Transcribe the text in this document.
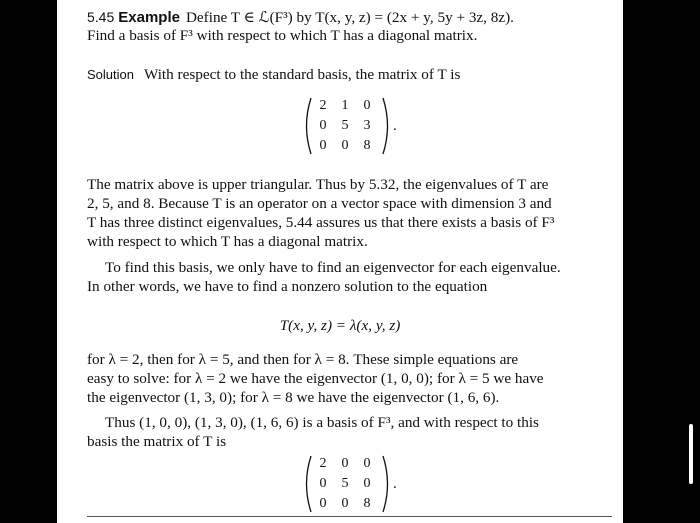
5.45 Example Define T ∈ ℒ(F³) by T(x, y, z) = (2x + y, 5y + 3z, 8z).
Find a basis of F³ with respect to which T has a diagonal matrix.
Solution With respect to the standard basis, the matrix of T is
2 1 0
0 5 3
0 0 8
.
The matrix above is upper triangular. Thus by 5.32, the eigenvalues of T are
2, 5, and 8. Because T is an operator on a vector space with dimension 3 and
T has three distinct eigenvalues, 5.44 assures us that there exists a basis of F³
with respect to which T has a diagonal matrix.
To find this basis, we only have to find an eigenvector for each eigenvalue.
In other words, we have to find a nonzero solution to the equation
T(x, y, z) = λ(x, y, z)
for λ = 2, then for λ = 5, and then for λ = 8. These simple equations are
easy to solve: for λ = 2 we have the eigenvector (1, 0, 0); for λ = 5 we have
the eigenvector (1, 3, 0); for λ = 8 we have the eigenvector (1, 6, 6).
Thus (1, 0, 0), (1, 3, 0), (1, 6, 6) is a basis of F³, and with respect to this
basis the matrix of T is
2 0 0
0 5 0
0 0 8
.
